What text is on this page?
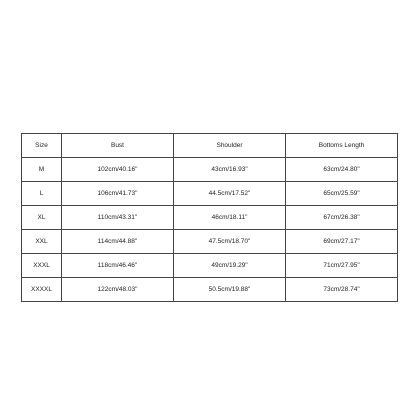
Size	Bust	Shoulder	Bottoms Length
M	102cm/40.16"	43cm/16.93"	63cm/24.80"
L	106cm/41.73"	44.5cm/17.52"	65cm/25.59"
XL	110cm/43.31"	46cm/18.11"	67cm/26.38"
XXL	114cm/44.88"	47.5cm/18.70"	69cm/27.17"
XXXL	118cm/46.46"	49cm/19.29"	71cm/27.95"
XXXXL	122cm/48.03"	50.5cm/19.88"	73cm/28.74"
